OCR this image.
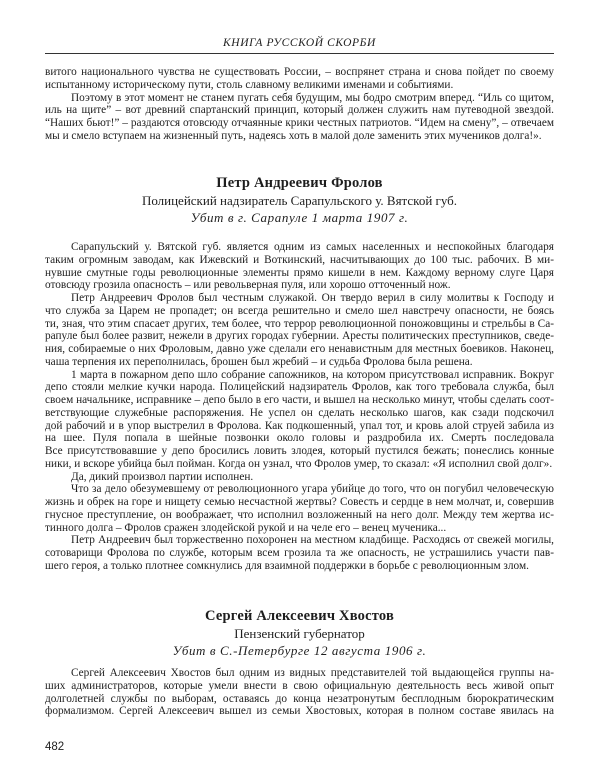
КНИГА РУССКОЙ СКОРБИ
витого национального чувства не существовать России, – воспрянет страна и снова пойдет по своему
испытанному историческому пути, столь славному великими именами и событиями.
Поэтому в этот момент не станем пугать себя будущим, мы бодро смотрим вперед. “Иль со щитом,
иль на щите” – вот древний спартанский принцип, который должен служить нам путеводной звездой.
“Наших бьют!” – раздаются отовсюду отчаянные крики честных патриотов. “Идем на смену”, – отвечаем
мы и смело вступаем на жизненный путь, надеясь хоть в малой доле заменить этих мучеников долга!».
Петр Андреевич Фролов
Полицейский надзиратель Сарапульского у. Вятской губ.
Убит в г. Сарапуле 1 марта 1907 г.
Сарапульский у. Вятской губ. является одним из самых населенных и неспокойных благодаря
таким огромным заводам, как Ижевский и Воткинский, насчитывающих до 100 тыс. рабочих. В ми-
нувшие смутные годы революционные элементы прямо кишели в нем. Каждому верному слуге Царя
отовсюду грозила опасность – или револьверная пуля, или хорошо отточенный нож.
Петр Андреевич Фролов был честным служакой. Он твердо верил в силу молитвы к Господу и
что служба за Царем не пропадет; он всегда решительно и смело шел навстречу опасности, не боясь
ти, зная, что этим спасает других, тем более, что террор революционной поножовщины и стрельбы в Са-
рапуле был более развит, нежели в других городах губернии. Аресты политических преступников, сведе-
ния, собираемые о них Фроловым, давно уже сделали его ненавистным для местных боевиков. Наконец,
чаша терпения их переполнилась, брошен был жребий – и судьба Фролова была решена.
1 марта в пожарном депо шло собрание сапожников, на котором присутствовал исправник. Вокруг
депо стояли мелкие кучки народа. Полицейский надзиратель Фролов, как того требовала служба, был
своем начальнике, исправнике – депо было в его части, и вышел на несколько минут, чтобы сделать соот-
ветствующие служебные распоряжения. Не успел он сделать несколько шагов, как сзади подскочил
дой рабочий и в упор выстрелил в Фролова. Как подкошенный, упал тот, и кровь алой струей забила из
на шее. Пуля попала в шейные позвонки около головы и раздробила их. Смерть последовала
Все присутствовавшие у депо бросились ловить злодея, который пустился бежать; понеслись конные
ники, и вскоре убийца был пойман. Когда он узнал, что Фролов умер, то сказал: «Я исполнил свой долг».
Да, дикий произвол партии исполнен.
Что за дело обезумевшему от революционного угара убийце до того, что он погубил человеческую
жизнь и обрек на горе и нищету семью несчастной жертвы? Совесть и сердце в нем молчат, и, совершив
гнусное преступление, он воображает, что исполнил возложенный на него долг. Между тем жертва ис-
тинного долга – Фролов сражен злодейской рукой и на челе его – венец мученика...
Петр Андреевич был торжественно похоронен на местном кладбище. Расходясь от свежей могилы,
сотоварищи Фролова по службе, которым всем грозила та же опасность, не устрашились участи пав-
шего героя, а только плотнее сомкнулись для взаимной поддержки в борьбе с революционным злом.
Сергей Алексеевич Хвостов
Пензенский губернатор
Убит в С.-Петербурге 12 августа 1906 г.
Сергей Алексеевич Хвостов был одним из видных представителей той выдающейся группы на-
ших администраторов, которые умели внести в свою официальную деятельность весь живой опыт
долголетней службы по выборам, оставаясь до конца незатронутым бесплодным бюрократическим
формализмом. Сергей Алексеевич вышел из семьи Хвостовых, которая в полном составе явилась на
482
